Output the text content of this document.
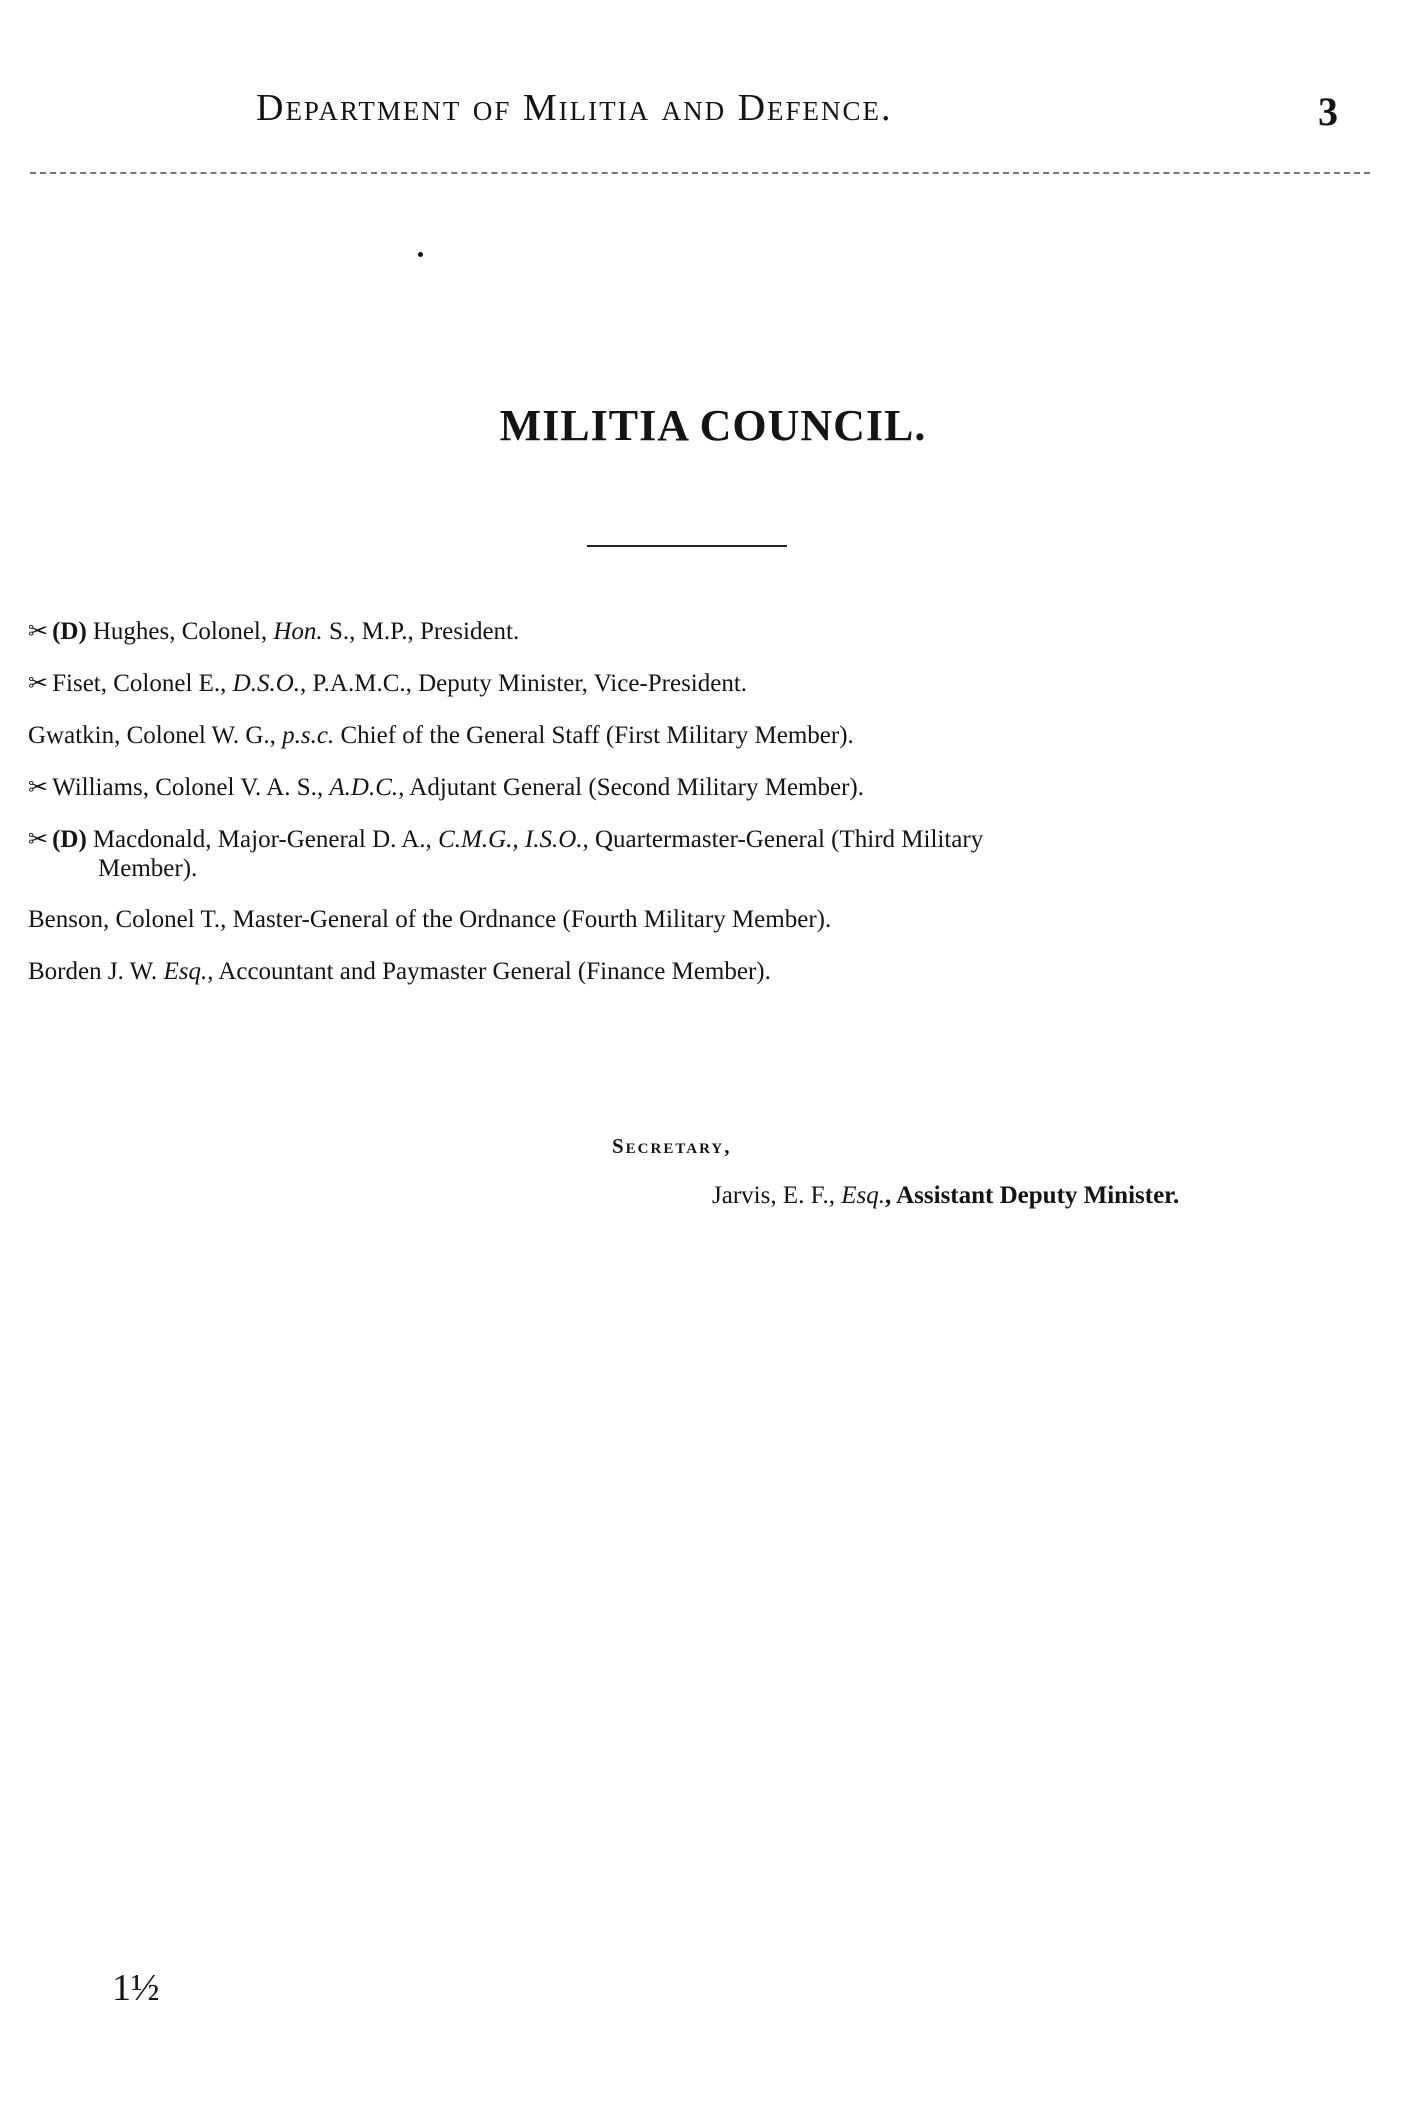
Department of Militia and Defence.	3
MILITIA COUNCIL.
✂ (D) Hughes, Colonel, Hon. S., M.P., President.
✂ Fiset, Colonel E., D.S.O., P.A.M.C., Deputy Minister, Vice-President.
Gwatkin, Colonel W. G., p.s.c. Chief of the General Staff (First Military Member).
✂ Williams, Colonel V. A. S., A.D.C., Adjutant General (Second Military Member).
✂ (D) Macdonald, Major-General D. A., C.M.G., I.S.O., Quartermaster-General (Third Military
Member).
Benson, Colonel T., Master-General of the Ordnance (Fourth Military Member).
Borden J. W. Esq., Accountant and Paymaster General (Finance Member).
Secretary,
Jarvis, E. F., Esq., Assistant Deputy Minister.
1½
